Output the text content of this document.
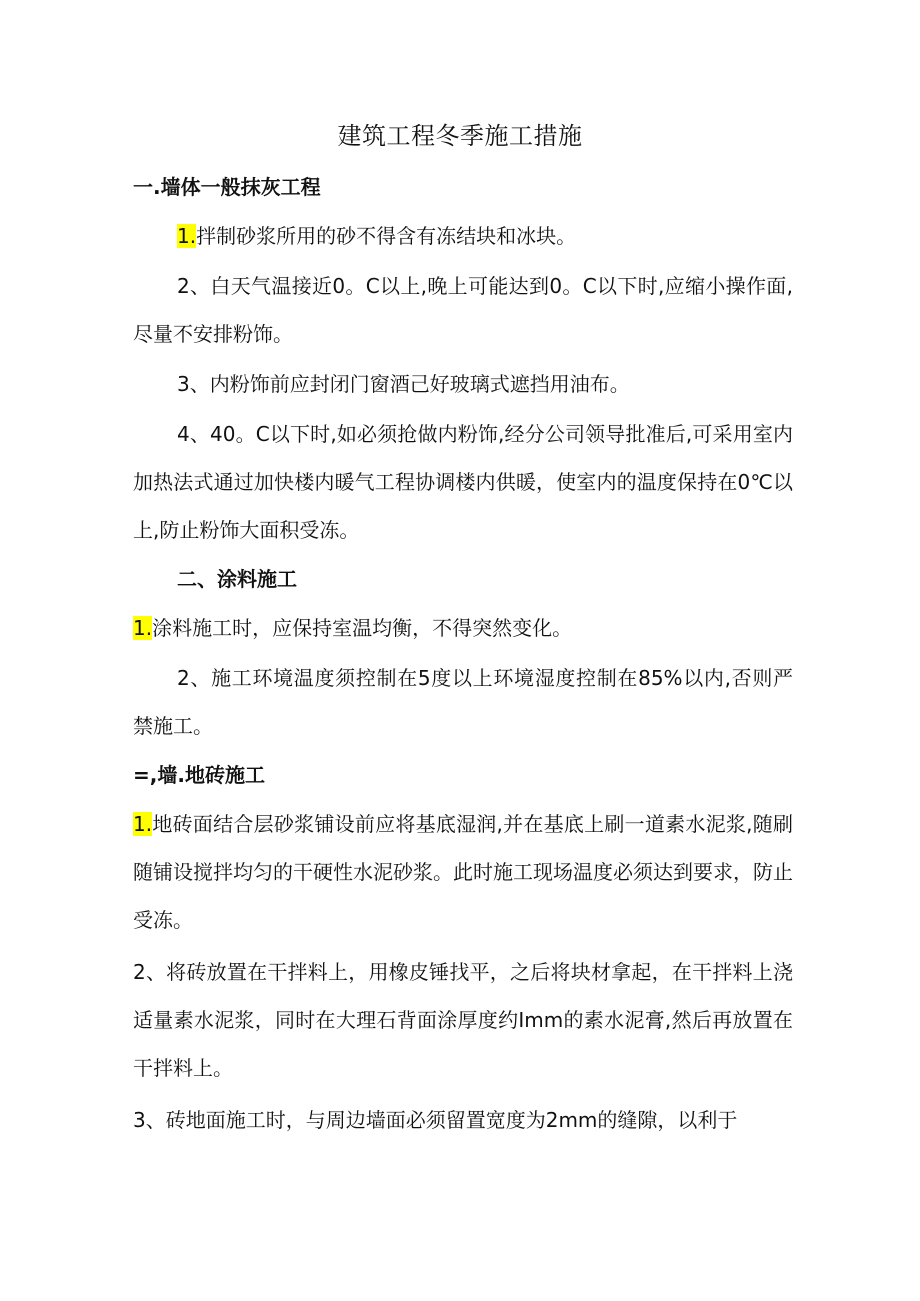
建筑工程冬季施工措施
一.墙体一般抹灰工程
1.拌制砂浆所用的砂不得含有冻结块和冰块。
2、白天气温接近0。C以上,晚上可能达到0。C以下时,应缩小操作面,尽量不安排粉饰。
3、内粉饰前应封闭门窗酒己好玻璃式遮挡用油布。
4、40。C以下时,如必须抢做内粉饰,经分公司领导批准后,可采用室内加热法式通过加快楼内暖气工程协调楼内供暖，使室内的温度保持在0℃以上,防止粉饰大面积受冻。
二、涂料施工
1.涂料施工时，应保持室温均衡，不得突然变化。
2、施工环境温度须控制在5度以上环境湿度控制在85%以内,否则严禁施工。
=,墙.地砖施工
1.地砖面结合层砂浆铺设前应将基底湿润,并在基底上刷一道素水泥浆,随刷随铺设搅拌均匀的干硬性水泥砂浆。此时施工现场温度必须达到要求，防止受冻。
2、将砖放置在干拌料上，用橡皮锤找平，之后将块材拿起，在干拌料上浇适量素水泥浆，同时在大理石背面涂厚度约Imm的素水泥膏,然后再放置在干拌料上。
3、砖地面施工时，与周边墙面必须留置宽度为2mm的缝隙，以利于
